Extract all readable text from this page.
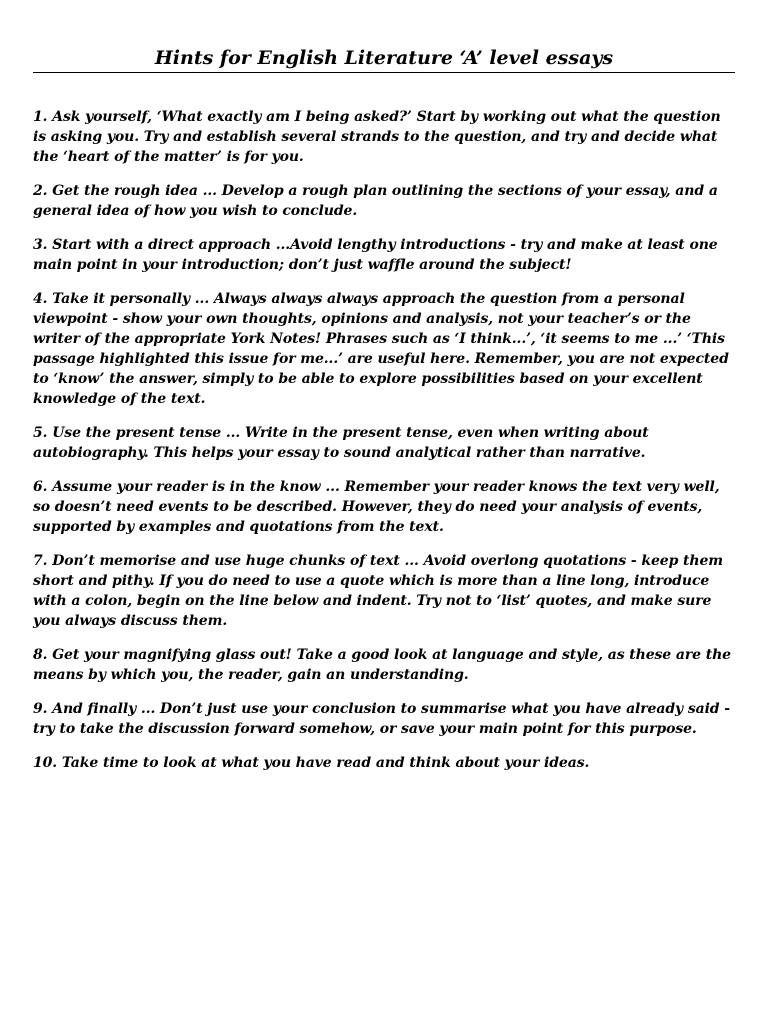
Hints for English Literature ‘A’ level essays
1. Ask yourself, ‘What exactly am I being asked?’ Start by working out what the question is asking you. Try and establish several strands to the question, and try and decide what the ‘heart of the matter’ is for you.
2. Get the rough idea ... Develop a rough plan outlining the sections of your essay, and a general idea of how you wish to conclude.
3. Start with a direct approach ...Avoid lengthy introductions - try and make at least one main point in your introduction; don’t just waffle around the subject!
4. Take it personally ... Always always always approach the question from a personal viewpoint - show your own thoughts, opinions and analysis, not your teacher’s or the writer of the appropriate York Notes! Phrases such as ‘I think...’, ‘it seems to me ...’ ‘This passage highlighted this issue for me...’ are useful here. Remember, you are not expected to ‘know’ the answer, simply to be able to explore possibilities based on your excellent knowledge of the text.
5. Use the present tense ... Write in the present tense, even when writing about autobiography. This helps your essay to sound analytical rather than narrative.
6. Assume your reader is in the know ... Remember your reader knows the text very well, so doesn’t need events to be described. However, they do need your analysis of events, supported by examples and quotations from the text.
7. Don’t memorise and use huge chunks of text ... Avoid overlong quotations - keep them short and pithy. If you do need to use a quote which is more than a line long, introduce with a colon, begin on the line below and indent. Try not to ‘list’ quotes, and make sure you always discuss them.
8. Get your magnifying glass out! Take a good look at language and style, as these are the means by which you, the reader, gain an understanding.
9. And finally ... Don’t just use your conclusion to summarise what you have already said - try to take the discussion forward somehow, or save your main point for this purpose.
10. Take time to look at what you have read and think about your ideas.
